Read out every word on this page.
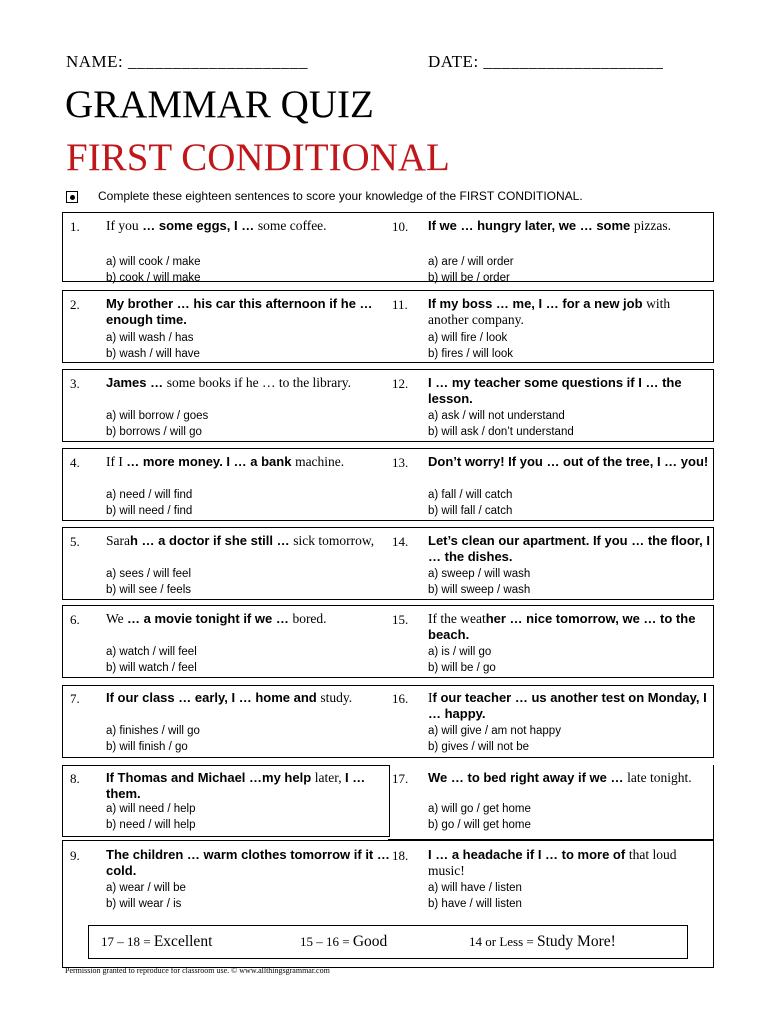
NAME: ____________________	DATE: ____________________
GRAMMAR QUIZ
FIRST CONDITIONAL
Complete these eighteen sentences to score your knowledge of the FIRST CONDITIONAL.
1. If you … some eggs, I … some coffee.
a) will cook / make
b) cook / will make
2. My brother … his car this afternoon if he … enough time.
a) will wash / has
b) wash / will have
3. James … some books if he … to the library.
a) will borrow / goes
b) borrows / will go
4. If I … more money. I … a bank machine.
a) need / will find
b) will need / find
5. Sarah … a doctor if she still … sick tomorrow,
a) sees / will feel
b) will see / feels
6. We … a movie tonight if we … bored.
a) watch / will feel
b) will watch / feel
7. If our class … early, I … home and study.
a) finishes / will go
b) will finish / go
8. If Thomas and Michael …my help later, I … them.
a) will need / help
b) need / will help
9. The children … warm clothes tomorrow if it …cold.
a) wear / will be
b) will wear / is
10. If we … hungry later, we … some pizzas.
a) are / will order
b) will be / order
11. If my boss … me, I … for a new job with another company.
a) will fire / look
b) fires / will look
12. I … my teacher some questions if I … the lesson.
a) ask / will not understand
b) will ask / don’t understand
13. Don’t worry! If you … out of the tree, I … you!
a) fall / will catch
b) will fall / catch
14. Let’s clean our apartment. If you … the floor, I … the dishes.
a) sweep / will wash
b) will sweep / wash
15. If the weather … nice tomorrow, we … to the beach.
a) is / will go
b) will be / go
16. If our teacher … us another test on Monday, I … happy.
a) will give / am not happy
b) gives / will not be
17. We … to bed right away if we … late tonight.
a) will go / get home
b) go / will get home
18. I … a headache if I … to more of that loud music!
a) will have / listen
b) have / will listen
17 – 18 = Excellent	15 – 16 = Good	14 or Less = Study More!
Permission granted to reproduce for classroom use. © www.allthingsgrammar.com
